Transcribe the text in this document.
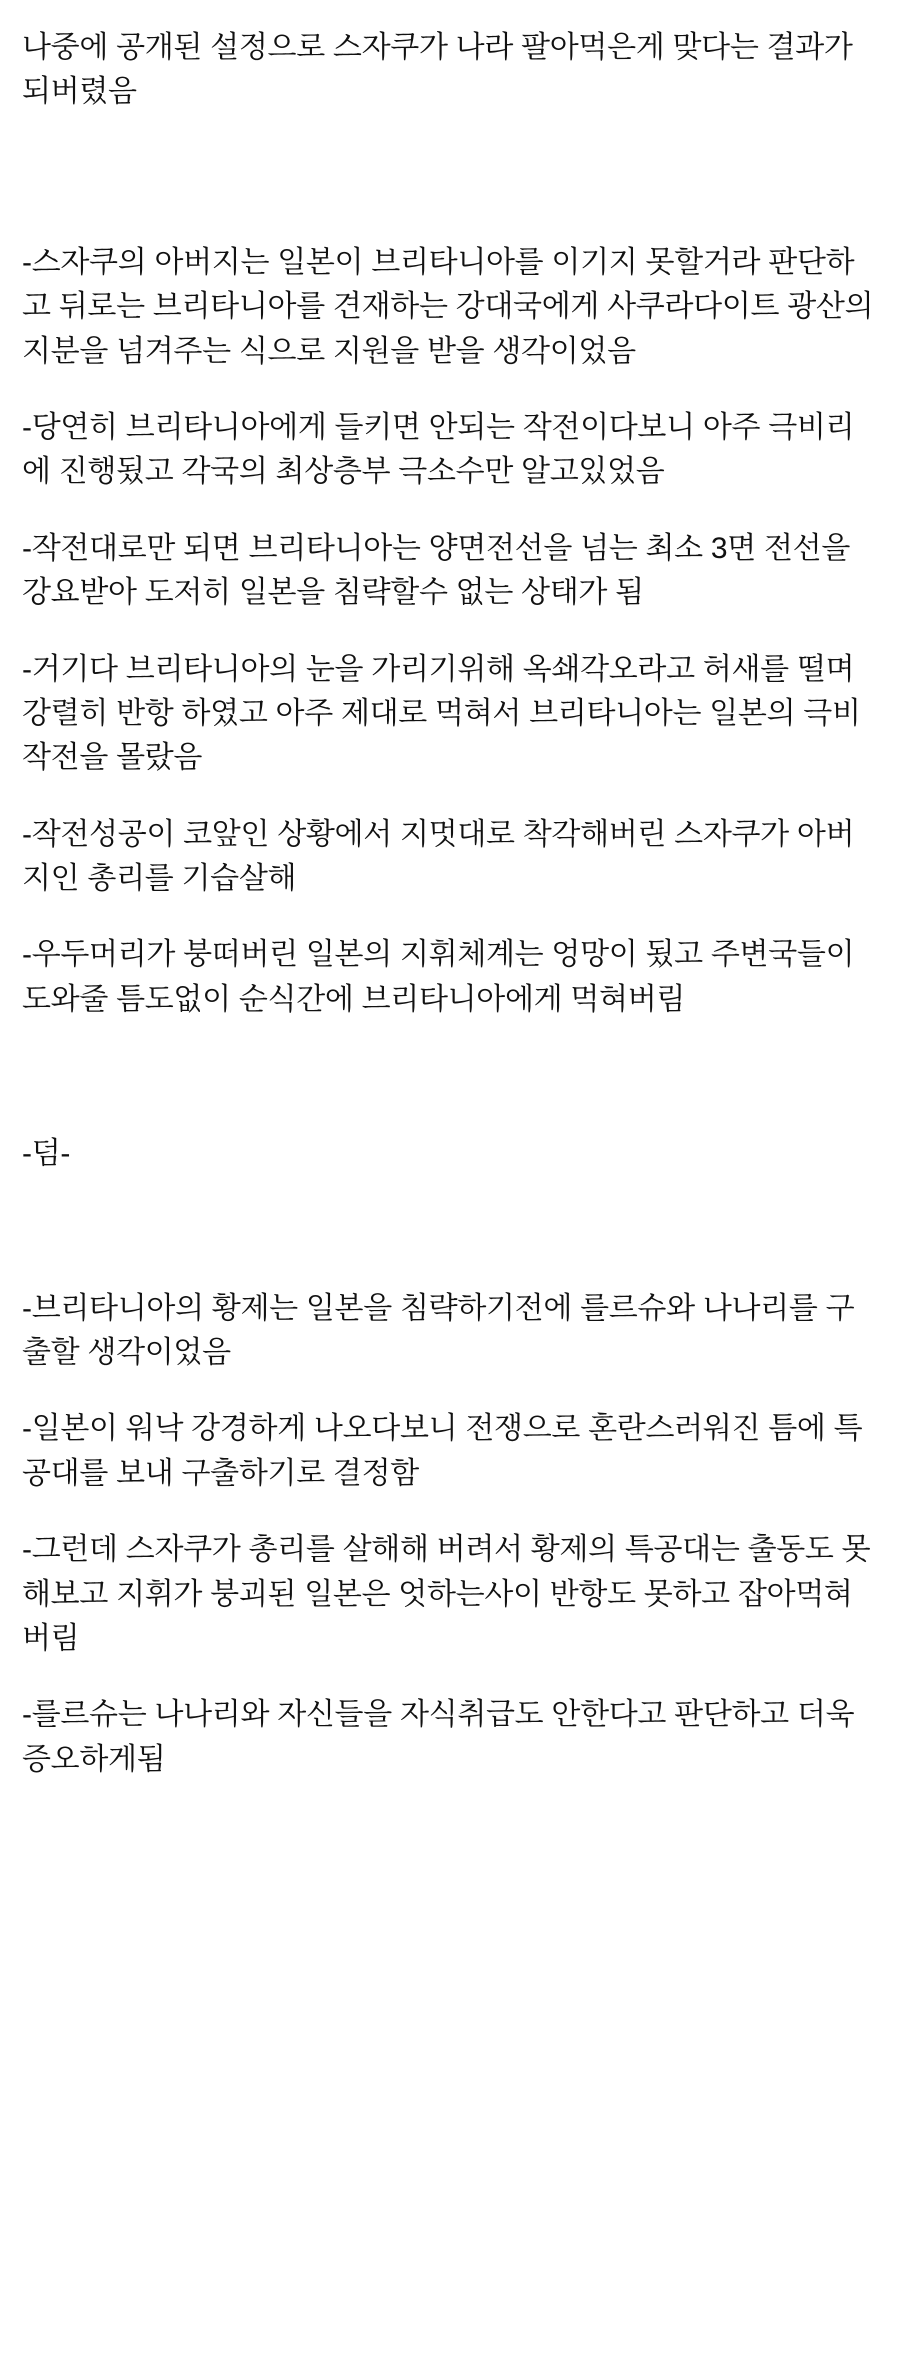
나중에 공개된 설정으로 스자쿠가 나라 팔아먹은게 맞다는 결과가 되버렸음

-스자쿠의 아버지는 일본이 브리타니아를 이기지 못할거라 판단하고 뒤로는 브리타니아를 견재하는 강대국에게 사쿠라다이트 광산의 지분을 넘겨주는 식으로 지원을 받을 생각이었음

-당연히 브리타니아에게 들키면 안되는 작전이다보니 아주 극비리에 진행됬고 각국의 최상층부 극소수만 알고있었음

-작전대로만 되면 브리타니아는 양면전선을 넘는 최소 3면 전선을 강요받아 도저히 일본을 침략할수 없는 상태가 됨

-거기다 브리타니아의 눈을 가리기위해 옥쇄각오라고 허새를 떨며 강렬히 반항 하였고 아주 제대로 먹혀서 브리타니아는 일본의 극비작전을 몰랐음

-작전성공이 코앞인 상황에서 지멋대로 착각해버린 스자쿠가 아버지인 총리를 기습살해

-우두머리가 붕떠버린 일본의 지휘체계는 엉망이 됬고 주변국들이 도와줄 틈도없이 순식간에 브리타니아에게 먹혀버림

-덤-

-브리타니아의 황제는 일본을 침략하기전에 를르슈와 나나리를 구출할 생각이었음

-일본이 워낙 강경하게 나오다보니 전쟁으로 혼란스러워진 틈에 특공대를 보내 구출하기로 결정함

-그런데 스자쿠가 총리를 살해해 버려서 황제의 특공대는 출동도 못해보고 지휘가 붕괴된 일본은 엇하는사이 반항도 못하고 잡아먹혀버림

-를르슈는 나나리와 자신들을 자식취급도 안한다고 판단하고 더욱 증오하게됨
